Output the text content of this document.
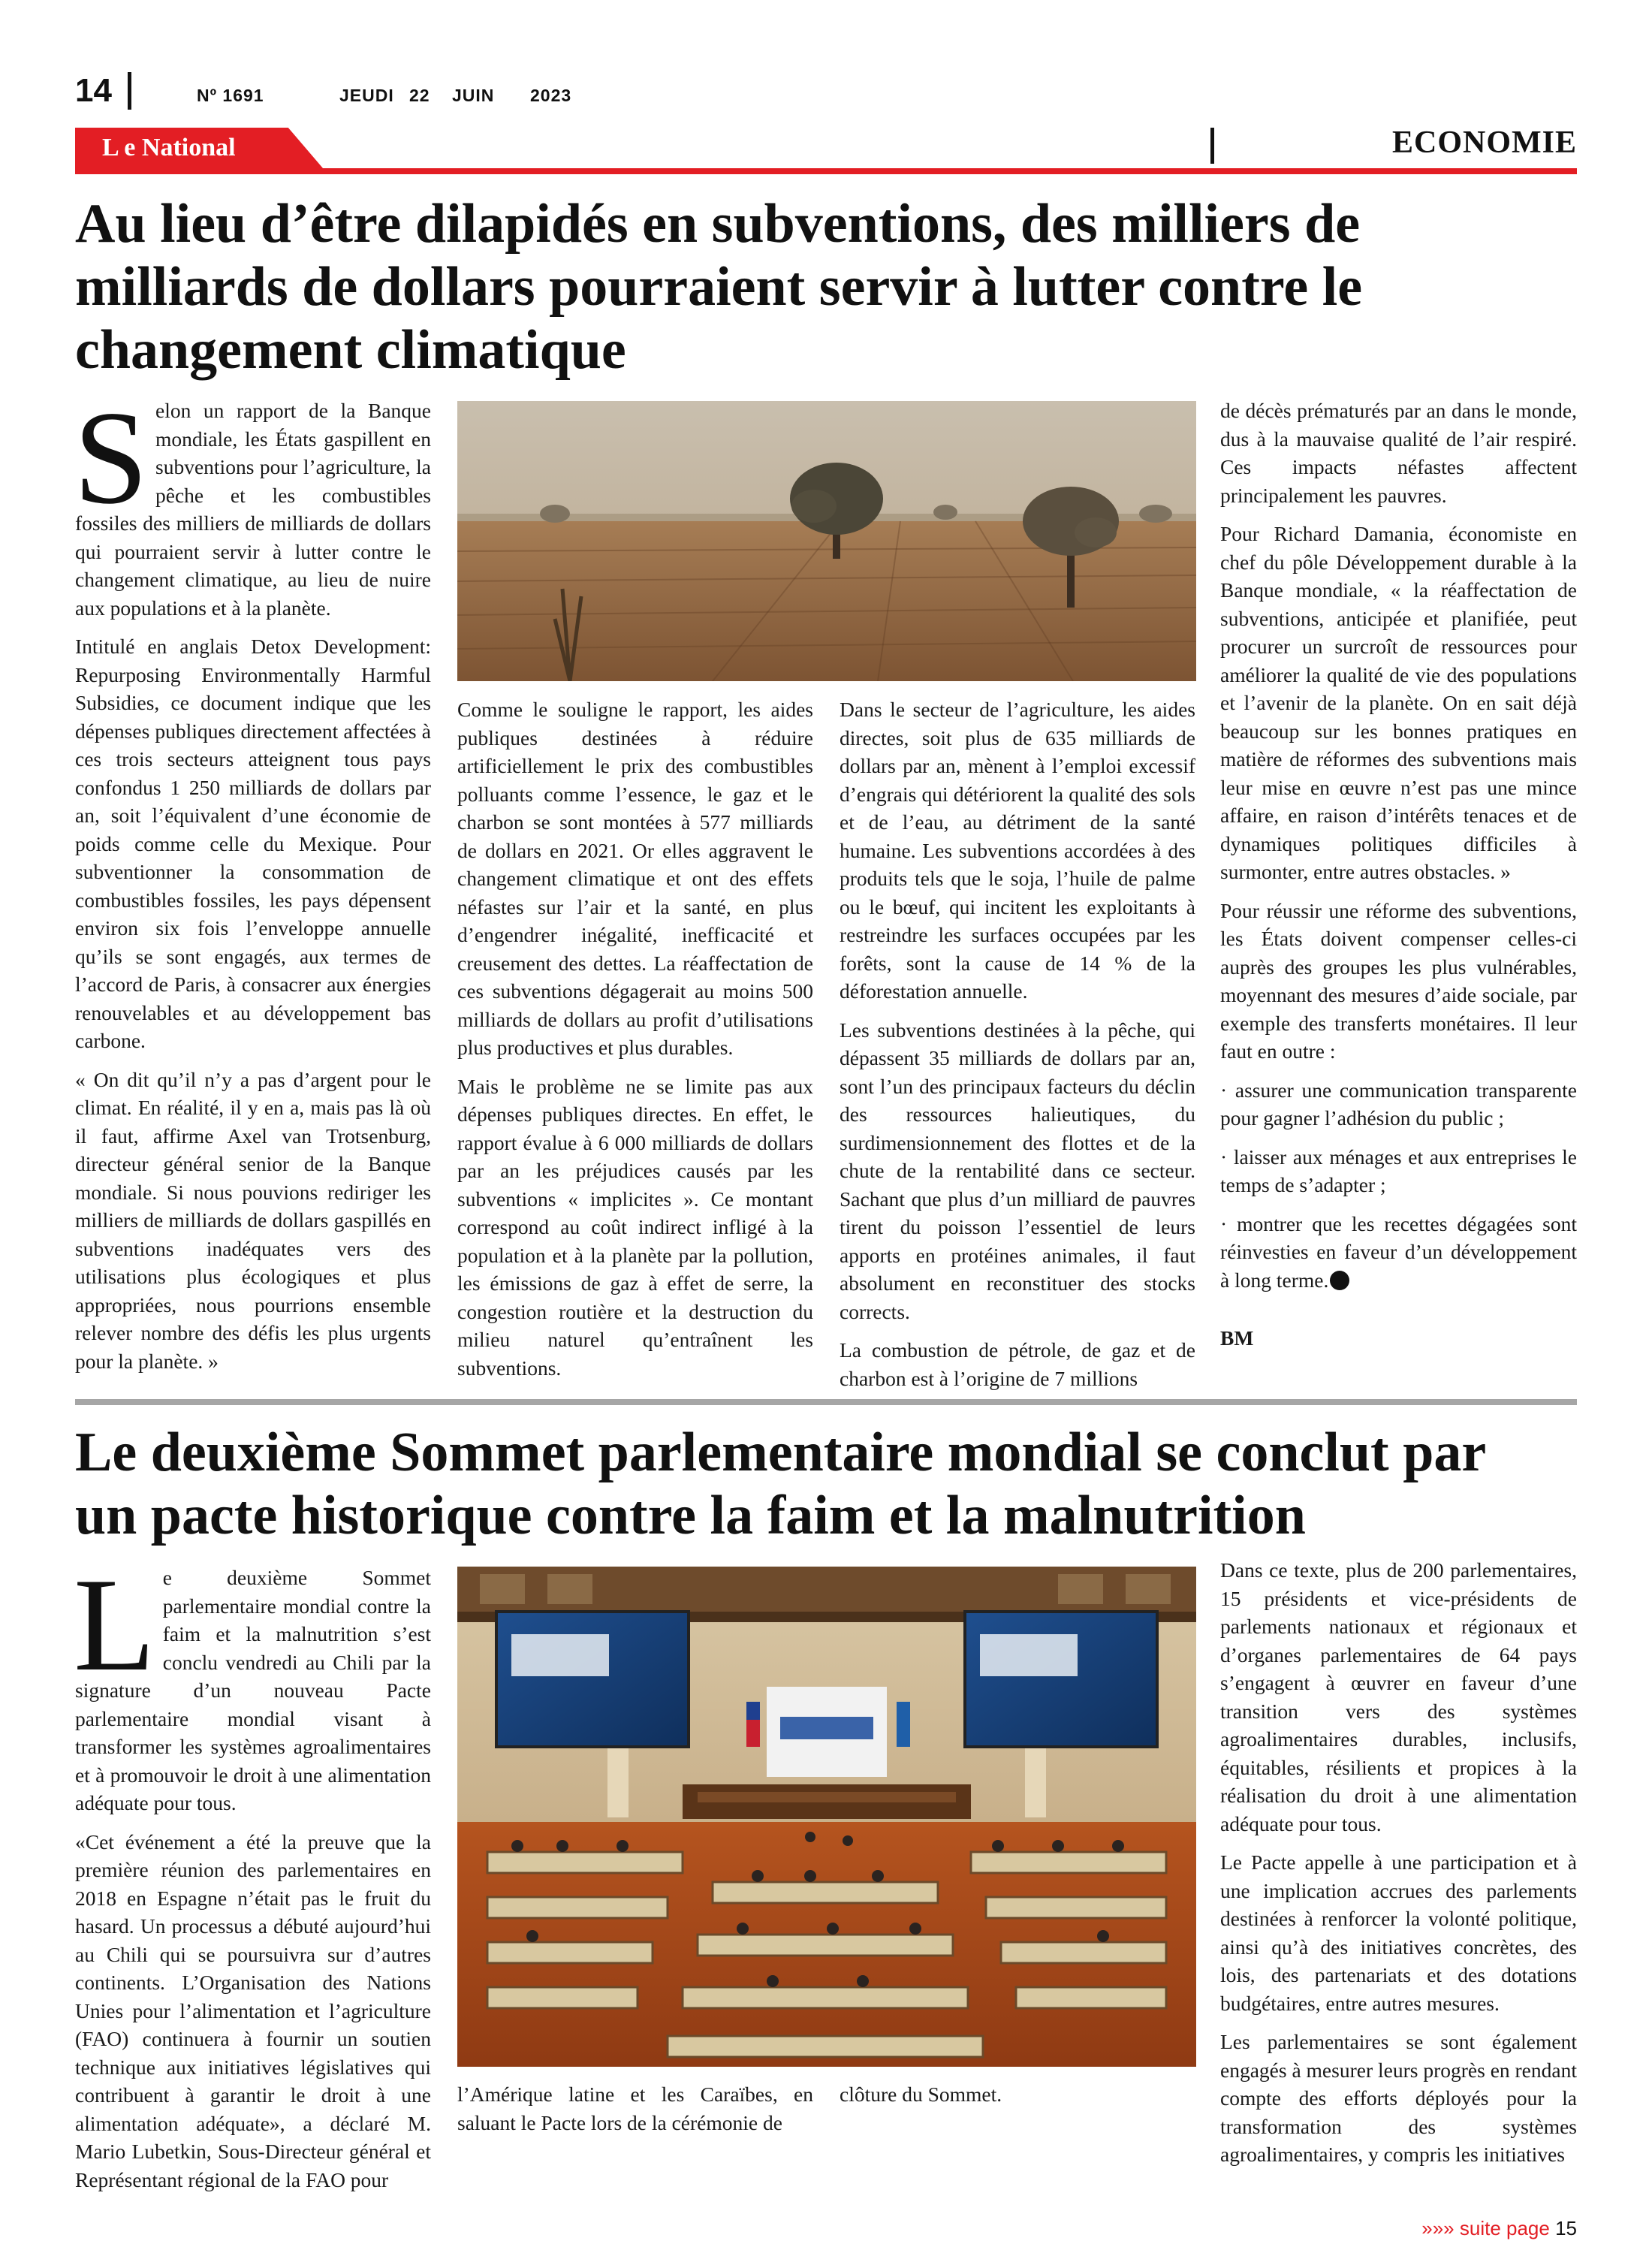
14	Nº 1691	JEUDI 22 JUIN 2023
L e National	ECONOMIE
Au lieu d’être dilapidés en subventions, des milliers de
milliards de dollars pourraient servir à lutter contre le
changement climatique

Selon un rapport de la Banque mondiale, les États gaspillent en subventions pour l’agriculture, la pêche et les combustibles fossiles des milliers de milliards de dollars qui pourraient servir à lutter contre le changement climatique, au lieu de nuire aux populations et à la planète.

Intitulé en anglais Detox Development: Repurposing Environmentally Harmful Subsidies, ce document indique que les dépenses publiques directement affectées à ces trois secteurs atteignent tous pays confondus 1 250 milliards de dollars par an, soit l’équivalent d’une économie de poids comme celle du Mexique. Pour subventionner la consommation de combustibles fossiles, les pays dépensent environ six fois l’enveloppe annuelle qu’ils se sont engagés, aux termes de l’accord de Paris, à consacrer aux énergies renouvelables et au développement bas carbone.

« On dit qu’il n’y a pas d’argent pour le climat. En réalité, il y en a, mais pas là où il faut, affirme Axel van Trotsenburg, directeur général senior de la Banque mondiale. Si nous pouvions rediriger les milliers de milliards de dollars gaspillés en subventions inadéquates vers des utilisations plus écologiques et plus appropriées, nous pourrions ensemble relever nombre des défis les plus urgents pour la planète. »

Comme le souligne le rapport, les aides publiques destinées à réduire artificiellement le prix des combustibles polluants comme l’essence, le gaz et le charbon se sont montées à 577 milliards de dollars en 2021. Or elles aggravent le changement climatique et ont des effets néfastes sur l’air et la santé, en plus d’engendrer inégalité, inefficacité et creusement des dettes. La réaffectation de ces subventions dégagerait au moins 500 milliards de dollars au profit d’utilisations plus productives et plus durables.

Mais le problème ne se limite pas aux dépenses publiques directes. En effet, le rapport évalue à 6 000 milliards de dollars par an les préjudices causés par les subventions « implicites ». Ce montant correspond au coût indirect infligé à la population et à la planète par la pollution, les émissions de gaz à effet de serre, la congestion routière et la destruction du milieu naturel qu’entraînent les subventions.

Dans le secteur de l’agriculture, les aides directes, soit plus de 635 milliards de dollars par an, mènent à l’emploi excessif d’engrais qui détériorent la qualité des sols et de l’eau, au détriment de la santé humaine. Les subventions accordées à des produits tels que le soja, l’huile de palme ou le bœuf, qui incitent les exploitants à restreindre les surfaces occupées par les forêts, sont la cause de 14 % de la déforestation annuelle.

Les subventions destinées à la pêche, qui dépassent 35 milliards de dollars par an, sont l’un des principaux facteurs du déclin des ressources halieutiques, du surdimensionnement des flottes et de la chute de la rentabilité dans ce secteur. Sachant que plus d’un milliard de pauvres tirent du poisson l’essentiel de leurs apports en protéines animales, il faut absolument en reconstituer des stocks corrects.

La combustion de pétrole, de gaz et de charbon est à l’origine de 7 millions

de décès prématurés par an dans le monde, dus à la mauvaise qualité de l’air respiré. Ces impacts néfastes affectent principalement les pauvres.

Pour Richard Damania, économiste en chef du pôle Développement durable à la Banque mondiale, « la réaffectation de subventions, anticipée et planifiée, peut procurer un surcroît de ressources pour améliorer la qualité de vie des populations et l’avenir de la planète. On en sait déjà beaucoup sur les bonnes pratiques en matière de réformes des subventions mais leur mise en œuvre n’est pas une mince affaire, en raison d’intérêts tenaces et de dynamiques politiques difficiles à surmonter, entre autres obstacles. »

Pour réussir une réforme des subventions, les États doivent compenser celles-ci auprès des groupes les plus vulnérables, moyennant des mesures d’aide sociale, par exemple des transferts monétaires. Il leur faut en outre :

· assurer une communication transparente pour gagner l’adhésion du public ;

· laisser aux ménages et aux entreprises le temps de s’adapter ;

· montrer que les recettes dégagées sont réinvesties en faveur d’un développement à long terme.

BM

Le deuxième Sommet parlementaire mondial se conclut par
un pacte historique contre la faim et la malnutrition

Le deuxième Sommet parlementaire mondial contre la faim et la malnutrition s’est conclu vendredi au Chili par la signature d’un nouveau Pacte parlementaire mondial visant à transformer les systèmes agroalimentaires et à promouvoir le droit à une alimentation adéquate pour tous.

«Cet événement a été la preuve que la première réunion des parlementaires en 2018 en Espagne n’était pas le fruit du hasard. Un processus a débuté aujourd’hui au Chili qui se poursuivra sur d’autres continents. L’Organisation des Nations Unies pour l’alimentation et l’agriculture (FAO) continuera à fournir un soutien technique aux initiatives législatives qui contribuent à garantir le droit à une alimentation adéquate», a déclaré M. Mario Lubetkin, Sous-Directeur général et Représentant régional de la FAO pour

l’Amérique latine et les Caraïbes, en saluant le Pacte lors de la cérémonie de

clôture du Sommet.

Dans ce texte, plus de 200 parlementaires, 15 présidents et vice-présidents de parlements nationaux et régionaux et d’organes parlementaires de 64 pays s’engagent à œuvrer en faveur d’une transition vers des systèmes agroalimentaires durables, inclusifs, équitables, résilients et propices à la réalisation du droit à une alimentation adéquate pour tous.

Le Pacte appelle à une participation et à une implication accrues des parlements destinées à renforcer la volonté politique, ainsi qu’à des initiatives concrètes, des lois, des partenariats et des dotations budgétaires, entre autres mesures.

Les parlementaires se sont également engagés à mesurer leurs progrès en rendant compte des efforts déployés pour la transformation des systèmes agroalimentaires, y compris les initiatives

»»» suite page 15
